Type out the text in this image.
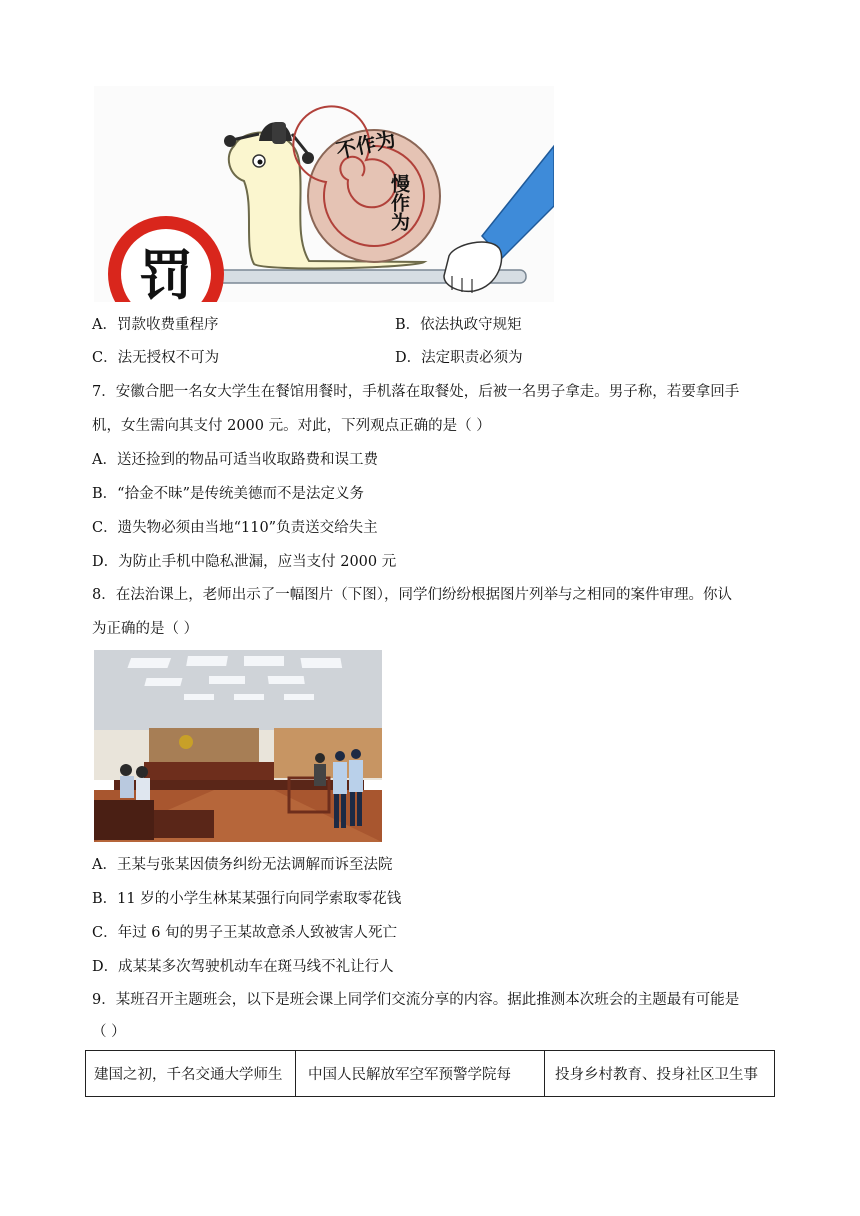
罚
不作为
慢作为
A．罚款收费重程序	B．依法执政守规矩
C．法无授权不可为	D．法定职责必须为
7．安徽合肥一名女大学生在餐馆用餐时，手机落在取餐处，后被一名男子拿走。男子称，若要拿回手
机，女生需向其支付 2000 元。对此，下列观点正确的是（ ）
A．送还捡到的物品可适当收取路费和误工费
B．“拾金不昧”是传统美德而不是法定义务
C．遗失物必须由当地“110”负责送交给失主
D．为防止手机中隐私泄漏，应当支付 2000 元
8．在法治课上，老师出示了一幅图片（下图），同学们纷纷根据图片列举与之相同的案件审理。你认
为正确的是（ ）
A．王某与张某因债务纠纷无法调解而诉至法院
B．11 岁的小学生林某某强行向同学索取零花钱
C．年过 6 旬的男子王某故意杀人致被害人死亡
D．成某某多次驾驶机动车在斑马线不礼让行人
9．某班召开主题班会，以下是班会课上同学们交流分享的内容。据此推测本次班会的主题最有可能是
（ ）
建国之初，千名交通大学师生	中国人民解放军空军预警学院每	投身乡村教育、投身社区卫生事
